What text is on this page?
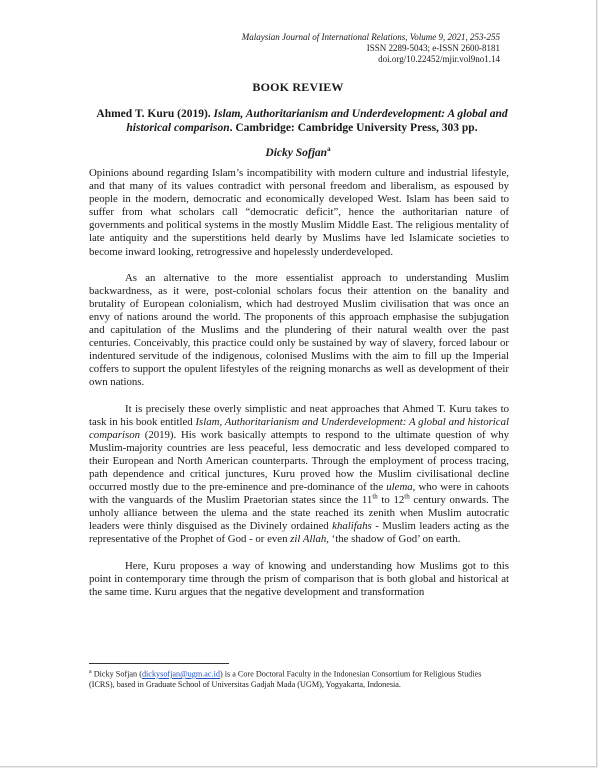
Malaysian Journal of International Relations, Volume 9, 2021, 253-255
ISSN 2289-5043; e-ISSN 2600-8181
doi.org/10.22452/mjir.vol9no1.14
BOOK REVIEW
Ahmed T. Kuru (2019). Islam, Authoritarianism and Underdevelopment: A global and historical comparison. Cambridge: Cambridge University Press, 303 pp.
Dicky Sofjan$^a$

Opinions abound regarding Islam’s incompatibility with modern culture and industrial lifestyle, and that many of its values contradict with personal freedom and liberalism, as espoused by people in the modern, democratic and economically developed West. Islam has been said to suffer from what scholars call “democratic deficit”, hence the authoritarian nature of governments and political systems in the mostly Muslim Middle East. The religious mentality of late antiquity and the superstitions held dearly by Muslims have led Islamicate societies to become inward looking, retrogressive and hopelessly underdeveloped.

As an alternative to the more essentialist approach to understanding Muslim backwardness, as it were, post-colonial scholars focus their attention on the banality and brutality of European colonialism, which had destroyed Muslim civilisation that was once an envy of nations around the world. The proponents of this approach emphasise the subjugation and capitulation of the Muslims and the plundering of their natural wealth over the past centuries. Conceivably, this practice could only be sustained by way of slavery, forced labour or indentured servitude of the indigenous, colonised Muslims with the aim to fill up the Imperial coffers to support the opulent lifestyles of the reigning monarchs as well as development of their own nations.

It is precisely these overly simplistic and neat approaches that Ahmed T. Kuru takes to task in his book entitled Islam, Authoritarianism and Underdevelopment: A global and historical comparison (2019). His work basically attempts to respond to the ultimate question of why Muslim-majority countries are less peaceful, less democratic and less developed compared to their European and North American counterparts. Through the employment of process tracing, path dependence and critical junctures, Kuru proved how the Muslim civilisational decline occurred mostly due to the pre-eminence and pre-dominance of the ulema, who were in cahoots with the vanguards of the Muslim Praetorian states since the 11th to 12th century onwards. The unholy alliance between the ulema and the state reached its zenith when Muslim autocratic leaders were thinly disguised as the Divinely ordained khalifahs - Muslim leaders acting as the representative of the Prophet of God - or even zil Allah, ‘the shadow of God’ on earth.

Here, Kuru proposes a way of knowing and understanding how Muslims got to this point in contemporary time through the prism of comparison that is both global and historical at the same time. Kuru argues that the negative development and transformation

$^a$ Dicky Sofjan (dickysofjan@ugm.ac.id) is a Core Doctoral Faculty in the Indonesian Consortium for Religious Studies (ICRS), based in Graduate School of Universitas Gadjah Mada (UGM), Yogyakarta, Indonesia.
